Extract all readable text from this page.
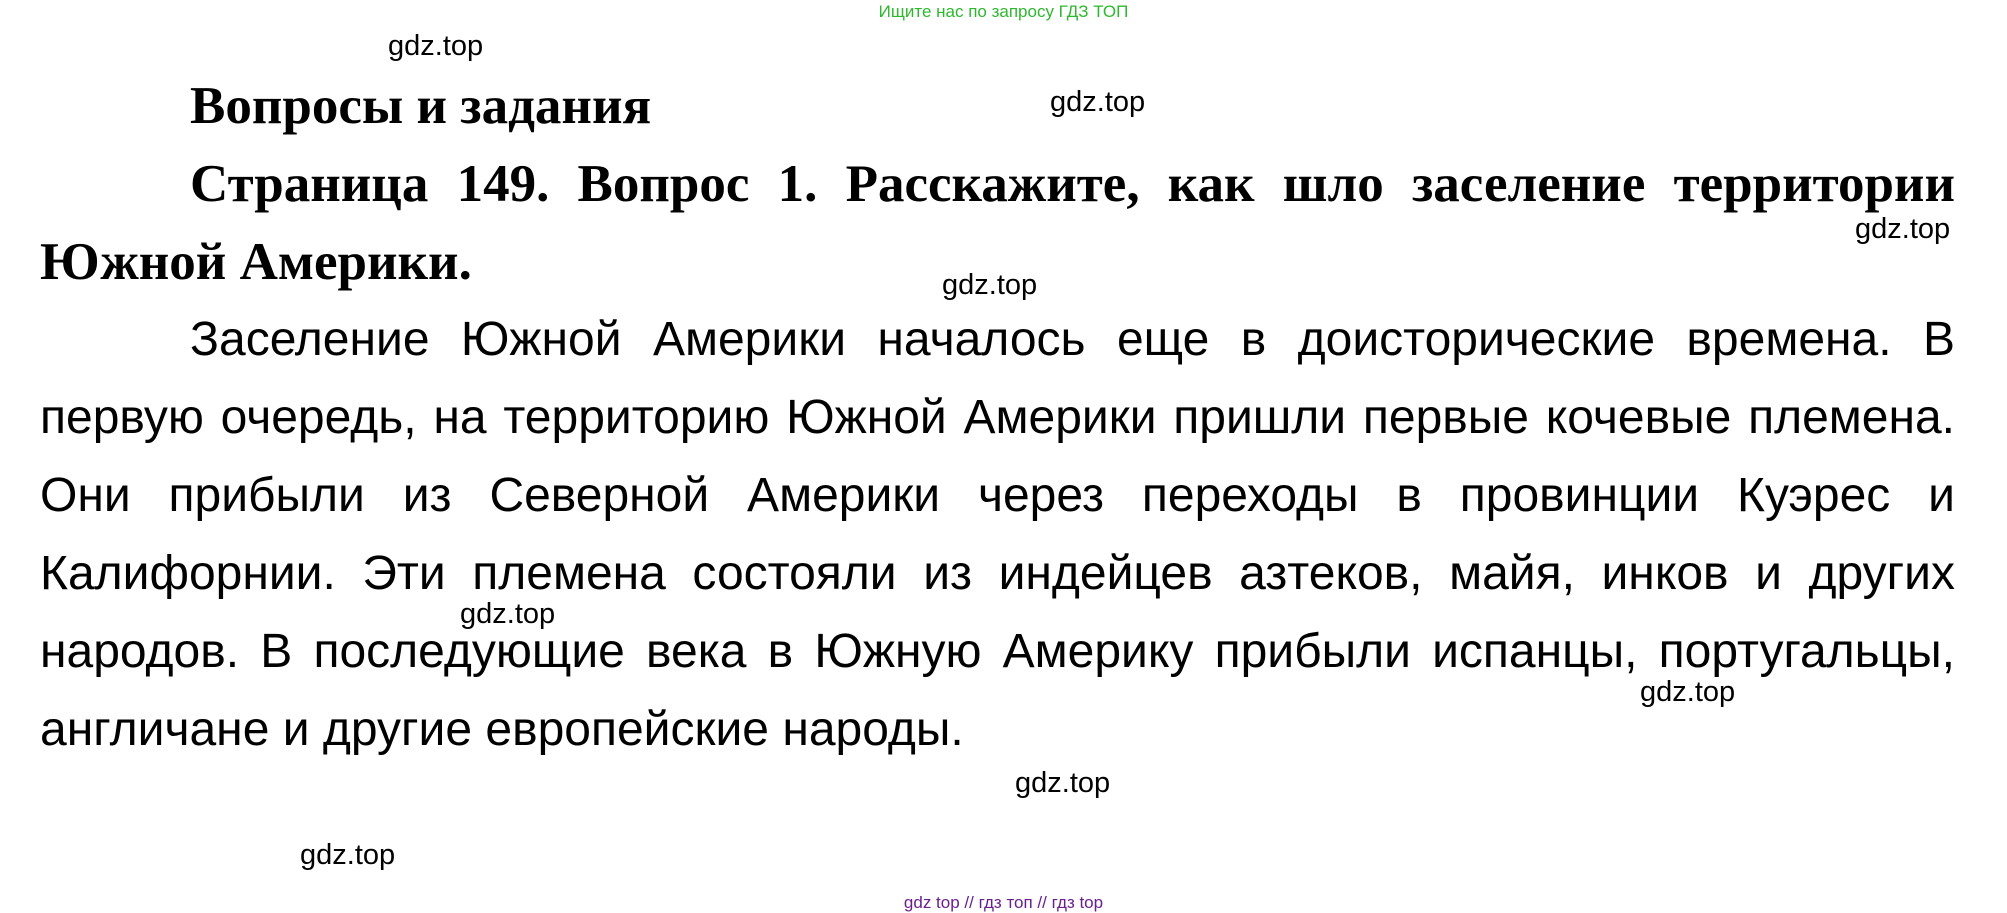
Ищите нас по запросу ГДЗ ТОП

Вопросы и задания

Страница 149. Вопрос 1. Расскажите, как шло заселение территории Южной Америки.

Заселение Южной Америки началось еще в доисторические времена. В первую очередь, на территорию Южной Америки пришли первые кочевые племена. Они прибыли из Северной Америки через переходы в провинции Куэрес и Калифорнии. Эти племена состояли из индейцев азтеков, майя, инков и других народов. В последующие века в Южную Америку прибыли испанцы, португальцы, англичане и другие европейские народы.

gdz.top
gdz.top
gdz.top
gdz.top
gdz.top
gdz.top
gdz.top
gdz.top
gdz top // гдз топ // гдз top
